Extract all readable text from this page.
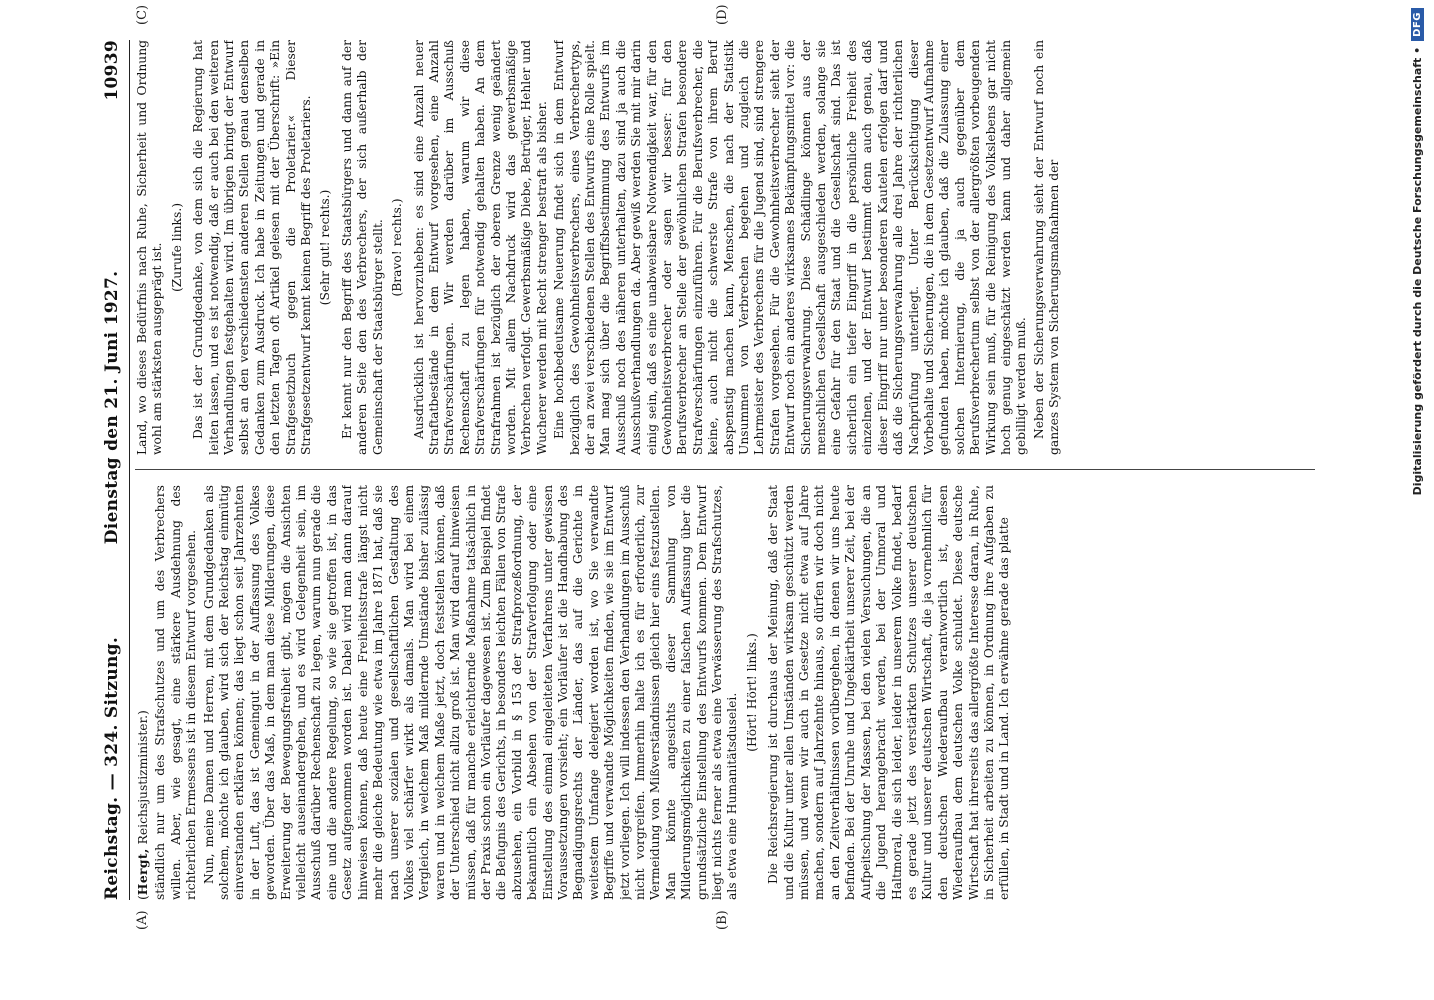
Reichstag. — 324. Sitzung.
Dienstag den 21. Juni 1927.
10939
(A)	(B)
(C)	(D)

(Hergt, Reichsjustizminister.) ständlich nur um des Strafschutzes und um des Verbrechers willen. Aber, wie gesagt, eine stärkere Ausdehnung des richterlichen Ermessens ist in diesem Entwurf vorgesehen. Nun, meine Damen und Herren, mit dem Grundgedanken als solchem, möchte ich glauben, wird sich der Reichstag einmütig einverstanden erklären können; das liegt schon seit Jahrzehnten in der Luft, das ist Gemeingut in der Auffassung des Volkes geworden. Über das Maß, in dem man diese Milderungen, diese Erweiterung der Bewegungsfreiheit gibt, mögen die Ansichten vielleicht auseinandergehen, und es wird Gelegenheit sein, im Ausschuß darüber Rechenschaft zu legen, warum nun gerade die eine und die andere Regelung, so wie sie getroffen ist, in das Gesetz aufgenommen worden ist. Dabei wird man dann darauf hinweisen können, daß heute eine Freiheitsstrafe längst nicht mehr die gleiche Bedeutung wie etwa im Jahre 1871 hat, daß sie nach unserer sozialen und gesellschaftlichen Gestaltung des Volkes viel schärfer wirkt als damals. Man wird bei einem Vergleich, in welchem Maß mildernde Umstände bisher zulässig waren und in welchem Maße jetzt, doch feststellen können, daß der Unterschied nicht allzu groß ist. Man wird darauf hinweisen müssen, daß für manche erleichternde Maßnahme tatsächlich in der Praxis schon ein Vorläufer dagewesen ist. Zum Beispiel findet die Befugnis des Gerichts, in besonders leichten Fällen von Strafe abzusehen, ein Vorbild in § 153 der Strafprozeßordnung, der bekanntlich ein Absehen von der Strafverfolgung oder eine Einstellung des einmal eingeleiteten Verfahrens unter gewissen Voraussetzungen vorsieht; ein Vorläufer ist die Handhabung des Begnadigungsrechts der Länder, das auf die Gerichte in weitestem Umfange delegiert worden ist, wo Sie verwandte Begriffe und verwandte Möglichkeiten finden, wie sie im Entwurf jetzt vorliegen. Ich will indessen den Verhandlungen im Ausschuß nicht vorgreifen. Immerhin halte ich es für erforderlich, zur Vermeidung von Mißverständnissen gleich hier eins festzustellen. Man könnte angesichts dieser Sammlung von Milderungsmöglichkeiten zu einer falschen Auffassung über die grundsätzliche Einstellung des Entwurfs kommen. Dem Entwurf liegt nichts ferner als etwa eine Verwässerung des Strafschutzes, als etwa eine Humanitätsduselei.

(Hört! Hört! links.) Die Reichsregierung ist durchaus der Meinung, daß der Staat und die Kultur unter allen Umständen wirksam geschützt werden müssen, und wenn wir auch in Gesetze nicht etwa auf Jahre machen, sondern auf Jahrzehnte hinaus, so dürfen wir doch nicht an den Zeitverhältnissen vorübergehen, in denen wir uns heute befinden. Bei der Unruhe und Ungeklärtheit unserer Zeit, bei der Aufpeitschung der Massen, bei den vielen Versuchungen, die an die Jugend herangebracht werden, bei der Unmoral und Haltmoral, die sich leider, leider in unserem Volke findet, bedarf es gerade jetzt des verstärkten Schutzes unserer deutschen Kultur und unserer deutschen Wirtschaft, die ja vornehmlich für den deutschen Wiederaufbau verantwortlich ist, diesen Wiederaufbau dem deutschen Volke schuldet. Diese deutsche Wirtschaft hat ihrerseits das allergrößte Interesse daran, in Ruhe, in Sicherheit arbeiten zu können, in Ordnung ihre Aufgaben zu erfüllen, in Stadt und in Land. Ich erwähne gerade das platte

Land, wo dieses Bedürfnis nach Ruhe, Sicherheit und Ordnung wohl am stärksten ausgeprägt ist. (Zurufe links.) Das ist der Grundgedanke, von dem sich die Regierung hat leiten lassen, und es ist notwendig, daß er auch bei den weiteren Verhandlungen festgehalten wird. Im übrigen bringt der Entwurf selbst an den verschiedensten anderen Stellen genau denselben Gedanken zum Ausdruck. Ich habe in Zeitungen und gerade in den letzten Tagen oft Artikel gelesen mit der Überschrift: »Ein Strafgesetzbuch gegen die Proletarier.« Dieser Strafgesetzentwurf kennt keinen Begriff des Proletariers. (Sehr gut! rechts.) Er kennt nur den Begriff des Staatsbürgers und dann auf der anderen Seite den des Verbrechers, der sich außerhalb der Gemeinschaft der Staatsbürger stellt. (Bravo! rechts.) Ausdrücklich ist hervorzuheben: es sind eine Anzahl neuer Straftatbestände in dem Entwurf vorgesehen, eine Anzahl Strafverschärfungen. Wir werden darüber im Ausschuß Rechenschaft zu legen haben, warum wir diese Strafverschärfungen für notwendig gehalten haben. An dem Strafrahmen ist bezüglich der oberen Grenze wenig geändert worden. Mit allem Nachdruck wird das gewerbsmäßige Verbrechen verfolgt. Gewerbsmäßige Diebe, Betrüger, Hehler und Wucherer werden mit Recht strenger bestraft als bisher. Eine hochbedeutsame Neuerung findet sich in dem Entwurf bezüglich des Gewohnheitsverbrechers, eines Verbrechertyps, der an zwei verschiedenen Stellen des Entwurfs eine Rolle spielt. Man mag sich über die Begriffsbestimmung des Entwurfs im Ausschuß noch des näheren unterhalten, dazu sind ja auch die Ausschußverhandlungen da. Aber gewiß werden Sie mit mir darin einig sein, daß es eine unabweisbare Notwendigkeit war, für den Gewohnheitsverbrecher oder sagen wir besser: für den Berufsverbrecher an Stelle der gewöhnlichen Strafen besondere Strafverschärfungen einzuführen. Für die Berufsverbrecher, die keine, auch nicht die schwerste Strafe von ihrem Beruf abspenstig machen kann, Menschen, die nach der Statistik Unsummen von Verbrechen begehen und zugleich die Lehrmeister des Verbrechens für die Jugend sind, sind strengere Strafen vorgesehen. Für die Gewohnheitsverbrecher sieht der Entwurf noch ein anderes wirksames Bekämpfungsmittel vor: die Sicherungsverwahrung. Diese Schädlinge können aus der menschlichen Gesellschaft ausgeschieden werden, solange sie eine Gefahr für den Staat und die Gesellschaft sind. Das ist sicherlich ein tiefer Eingriff in die persönliche Freiheit des einzelnen, und der Entwurf bestimmt denn auch genau, daß dieser Eingriff nur unter besonderen Kautelen erfolgen darf und daß die Sicherungsverwahrung alle drei Jahre der richterlichen Nachprüfung unterliegt. Unter Berücksichtigung dieser Vorbehalte und Sicherungen, die in dem Gesetzentwurf Aufnahme gefunden haben, möchte ich glauben, daß die Zulassung einer solchen Internierung, die ja auch gegenüber dem Berufsverbrechertum selbst von der allergrößten vorbeugenden Wirkung sein muß, für die Reinigung des Volkslebens gar nicht hoch genug eingeschätzt werden kann und daher allgemein gebilligt werden muß. Neben der Sicherungsverwahrung sieht der Entwurf noch ein ganzes System von Sicherungsmaßnahmen der	Digitalisierung gefördert durch die Deutsche Forschungsgemeinschaft •
DFG
